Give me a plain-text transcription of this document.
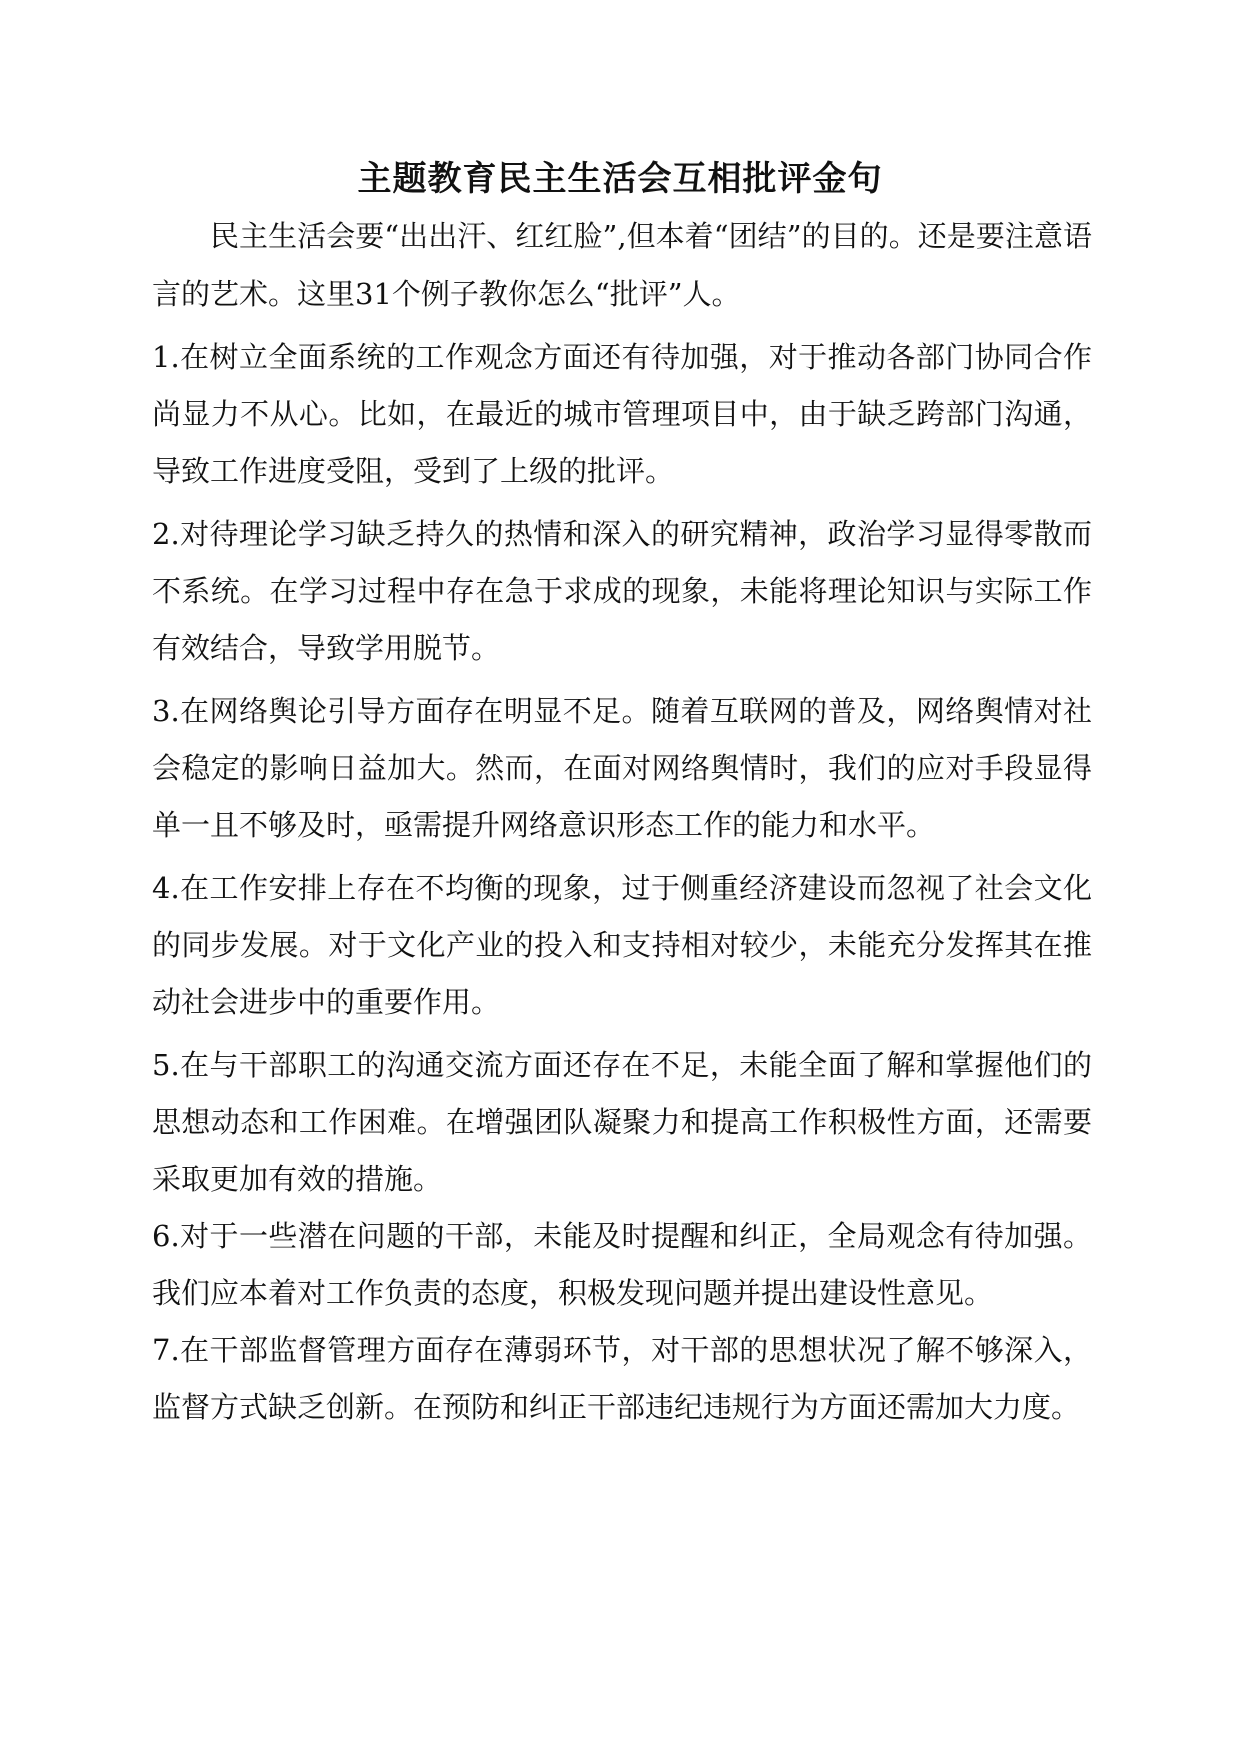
主题教育民主生活会互相批评金句

民主生活会要“出出汗、红红脸”,但本着“团结”的目的。还是要注意语言的艺术。这里31个例子教你怎么“批评”人。

1.在树立全面系统的工作观念方面还有待加强，对于推动各部门协同合作尚显力不从心。比如，在最近的城市管理项目中，由于缺乏跨部门沟通，导致工作进度受阻，受到了上级的批评。

2.对待理论学习缺乏持久的热情和深入的研究精神，政治学习显得零散而不系统。在学习过程中存在急于求成的现象，未能将理论知识与实际工作有效结合，导致学用脱节。

3.在网络舆论引导方面存在明显不足。随着互联网的普及，网络舆情对社会稳定的影响日益加大。然而，在面对网络舆情时，我们的应对手段显得单一且不够及时，亟需提升网络意识形态工作的能力和水平。

4.在工作安排上存在不均衡的现象，过于侧重经济建设而忽视了社会文化的同步发展。对于文化产业的投入和支持相对较少，未能充分发挥其在推动社会进步中的重要作用。

5.在与干部职工的沟通交流方面还存在不足，未能全面了解和掌握他们的思想动态和工作困难。在增强团队凝聚力和提高工作积极性方面，还需要采取更加有效的措施。

6.对于一些潜在问题的干部，未能及时提醒和纠正，全局观念有待加强。我们应本着对工作负责的态度，积极发现问题并提出建设性意见。

7.在干部监督管理方面存在薄弱环节，对干部的思想状况了解不够深入，监督方式缺乏创新。在预防和纠正干部违纪违规行为方面还需加大力度。
